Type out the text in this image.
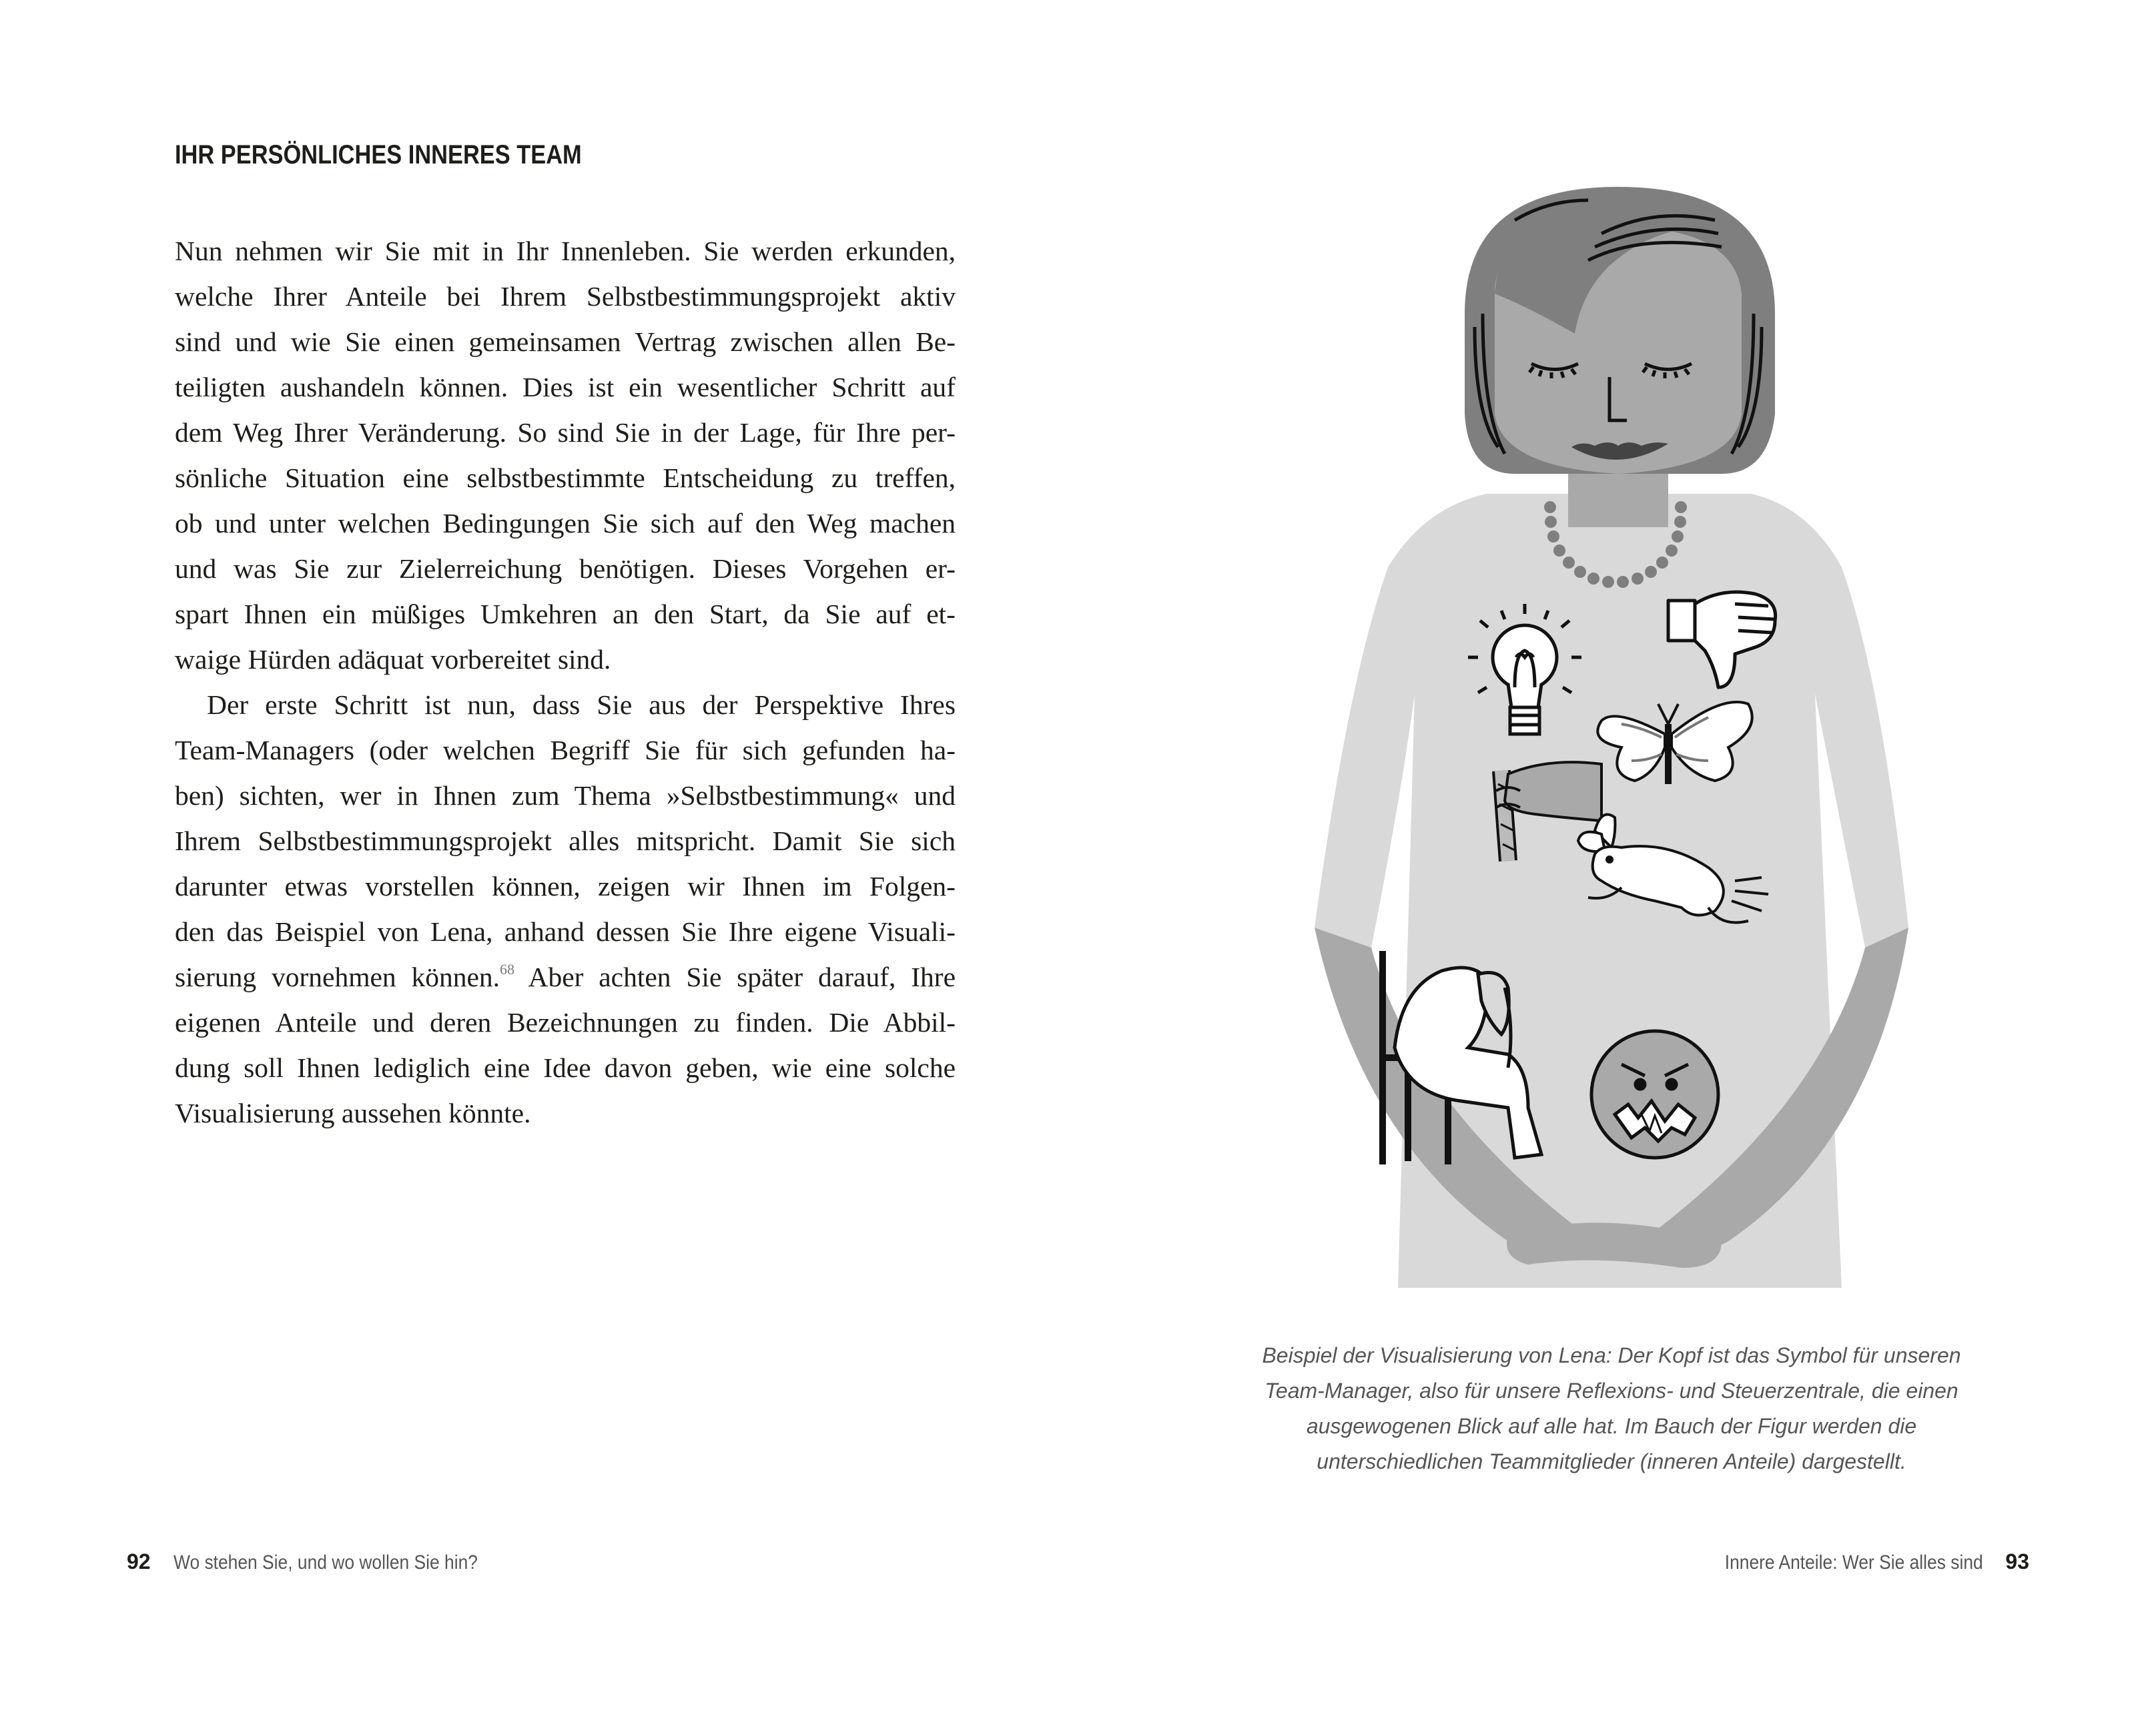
IHR PERSÖNLICHES INNERES TEAM
Nun nehmen wir Sie mit in Ihr Innenleben. Sie werden erkunden,
welche Ihrer Anteile bei Ihrem Selbstbestimmungsprojekt aktiv
sind und wie Sie einen gemeinsamen Vertrag zwischen allen Be-
teiligten aushandeln können. Dies ist ein wesentlicher Schritt auf
dem Weg Ihrer Veränderung. So sind Sie in der Lage, für Ihre per-
sönliche Situation eine selbstbestimmte Entscheidung zu treffen,
ob und unter welchen Bedingungen Sie sich auf den Weg machen
und was Sie zur Zielerreichung benötigen. Dieses Vorgehen er-
spart Ihnen ein müßiges Umkehren an den Start, da Sie auf et-
waige Hürden adäquat vorbereitet sind.
Der erste Schritt ist nun, dass Sie aus der Perspektive Ihres
Team-Managers (oder welchen Begriff Sie für sich gefunden ha-
ben) sichten, wer in Ihnen zum Thema »Selbstbestimmung« und
Ihrem Selbstbestimmungsprojekt alles mitspricht. Damit Sie sich
darunter etwas vorstellen können, zeigen wir Ihnen im Folgen-
den das Beispiel von Lena, anhand dessen Sie Ihre eigene Visuali-
sierung vornehmen können.$^{68}$ Aber achten Sie später darauf, Ihre
eigenen Anteile und deren Bezeichnungen zu finden. Die Abbil-
dung soll Ihnen lediglich eine Idee davon geben, wie eine solche
Visualisierung aussehen könnte.
92 Wo stehen Sie, und wo wollen Sie hin?
Beispiel der Visualisierung von Lena: Der Kopf ist das Symbol für unseren
Team-Manager, also für unsere Reflexions- und Steuerzentrale, die einen
ausgewogenen Blick auf alle hat. Im Bauch der Figur werden die
unterschiedlichen Teammitglieder (inneren Anteile) dargestellt.
Innere Anteile: Wer Sie alles sind 93
